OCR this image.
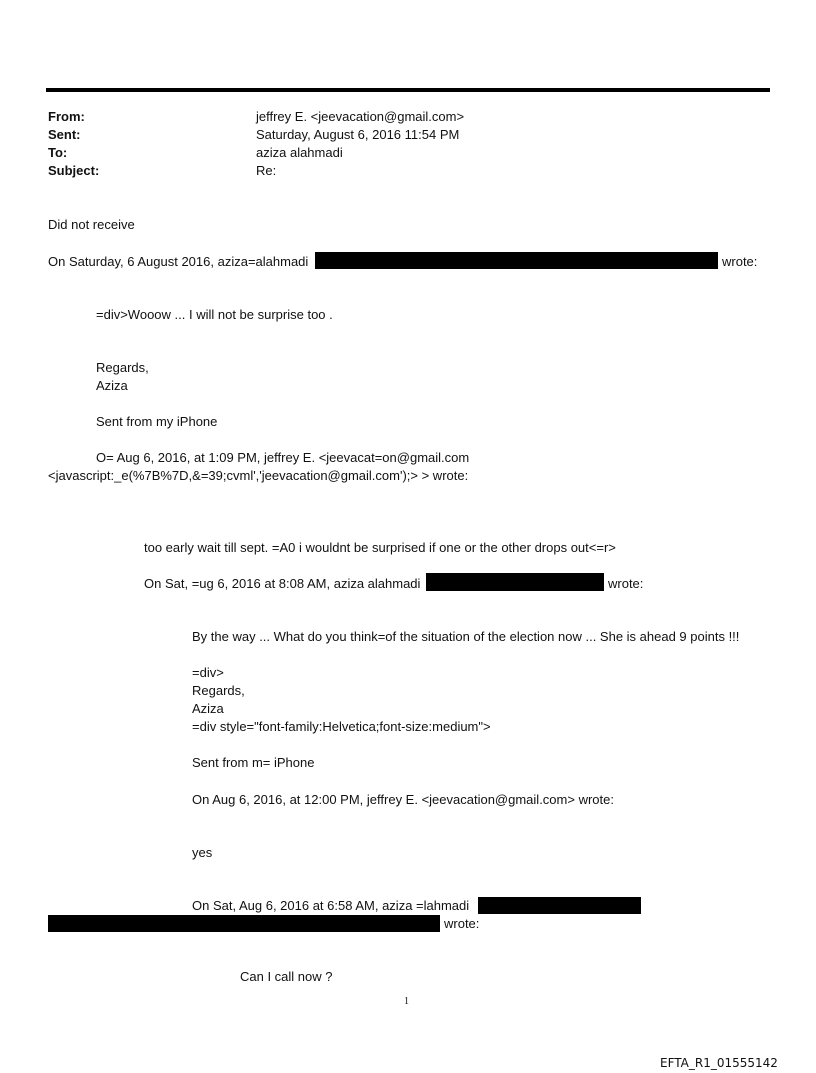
From:	jeffrey E. <jeevacation@gmail.com>
Sent:	Saturday, August 6, 2016 11:54 PM
To:	aziza alahmadi
Subject:	Re:
Did not receive
On Saturday, 6 August 2016, aziza=alahmadi	wrote:
=div>Wooow ... I will not be surprise too .
Regards,
Aziza
Sent from my iPhone
O= Aug 6, 2016, at 1:09 PM, jeffrey E. <jeevacat=on@gmail.com
<javascript:_e(%7B%7D,&=39;cvml','jeevacation@gmail.com');> > wrote:
too early wait till sept. =A0 i wouldnt be surprised if one or the other drops out<=r>
On Sat, =ug 6, 2016 at 8:08 AM, aziza alahmadi	wrote:
By the way ... What do you think=of the situation of the election now ... She is ahead 9 points !!!
=div>
Regards,
Aziza
=div style="font-family:Helvetica;font-size:medium">
Sent from m= iPhone
On Aug 6, 2016, at 12:00 PM, jeffrey E. <jeevacation@gmail.com> wrote:
yes
On Sat, Aug 6, 2016 at 6:58 AM, aziza =lahmadi
wrote:
Can I call now ?
1
EFTA_R1_01555142
